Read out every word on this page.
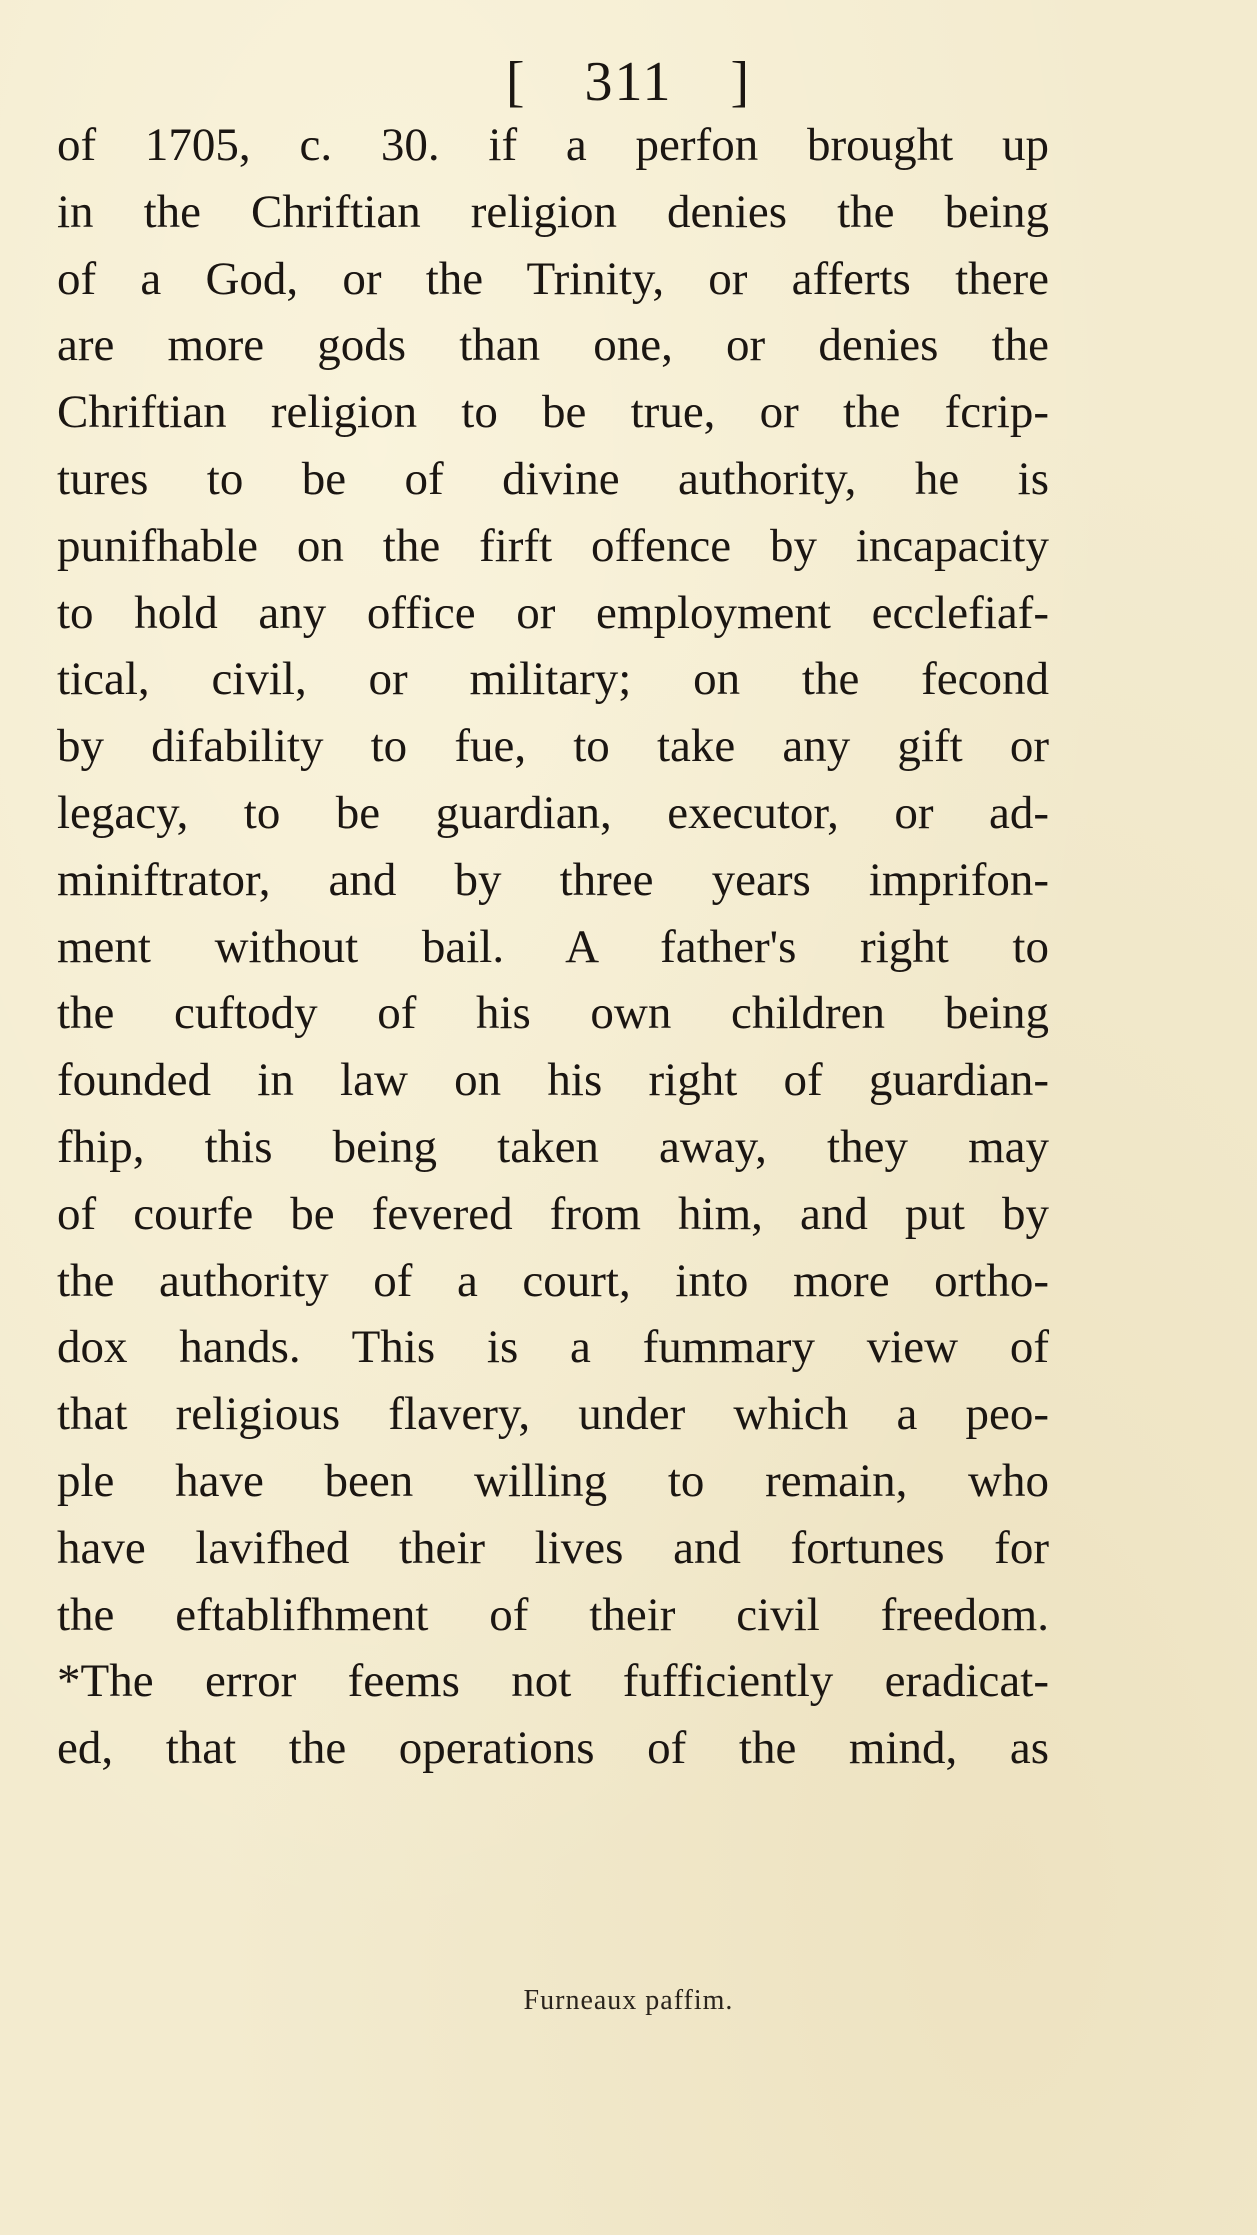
[ 311 ]
of 1705, c. 30. if a perfon brought up
in the Chriftian religion denies the being
of a God, or the Trinity, or afferts there
are more gods than one, or denies the
Chriftian religion to be true, or the fcrip-
tures to be of divine authority, he is
punifhable on the firft offence by incapacity
to hold any office or employment ecclefiaf-
tical, civil, or military; on the fecond
by difability to fue, to take any gift or
legacy, to be guardian, executor, or ad-
miniftrator, and by three years imprifon-
ment without bail. A father's right to
the cuftody of his own children being
founded in law on his right of guardian-
fhip, this being taken away, they may
of courfe be fevered from him, and put by
the authority of a court, into more ortho-
dox hands. This is a fummary view of
that religious flavery, under which a peo-
ple have been willing to remain, who
have lavifhed their lives and fortunes for
the eftablifhment of their civil freedom.
*The error feems not fufficiently eradicat-
ed, that the operations of the mind, as
Furneaux paffim.
